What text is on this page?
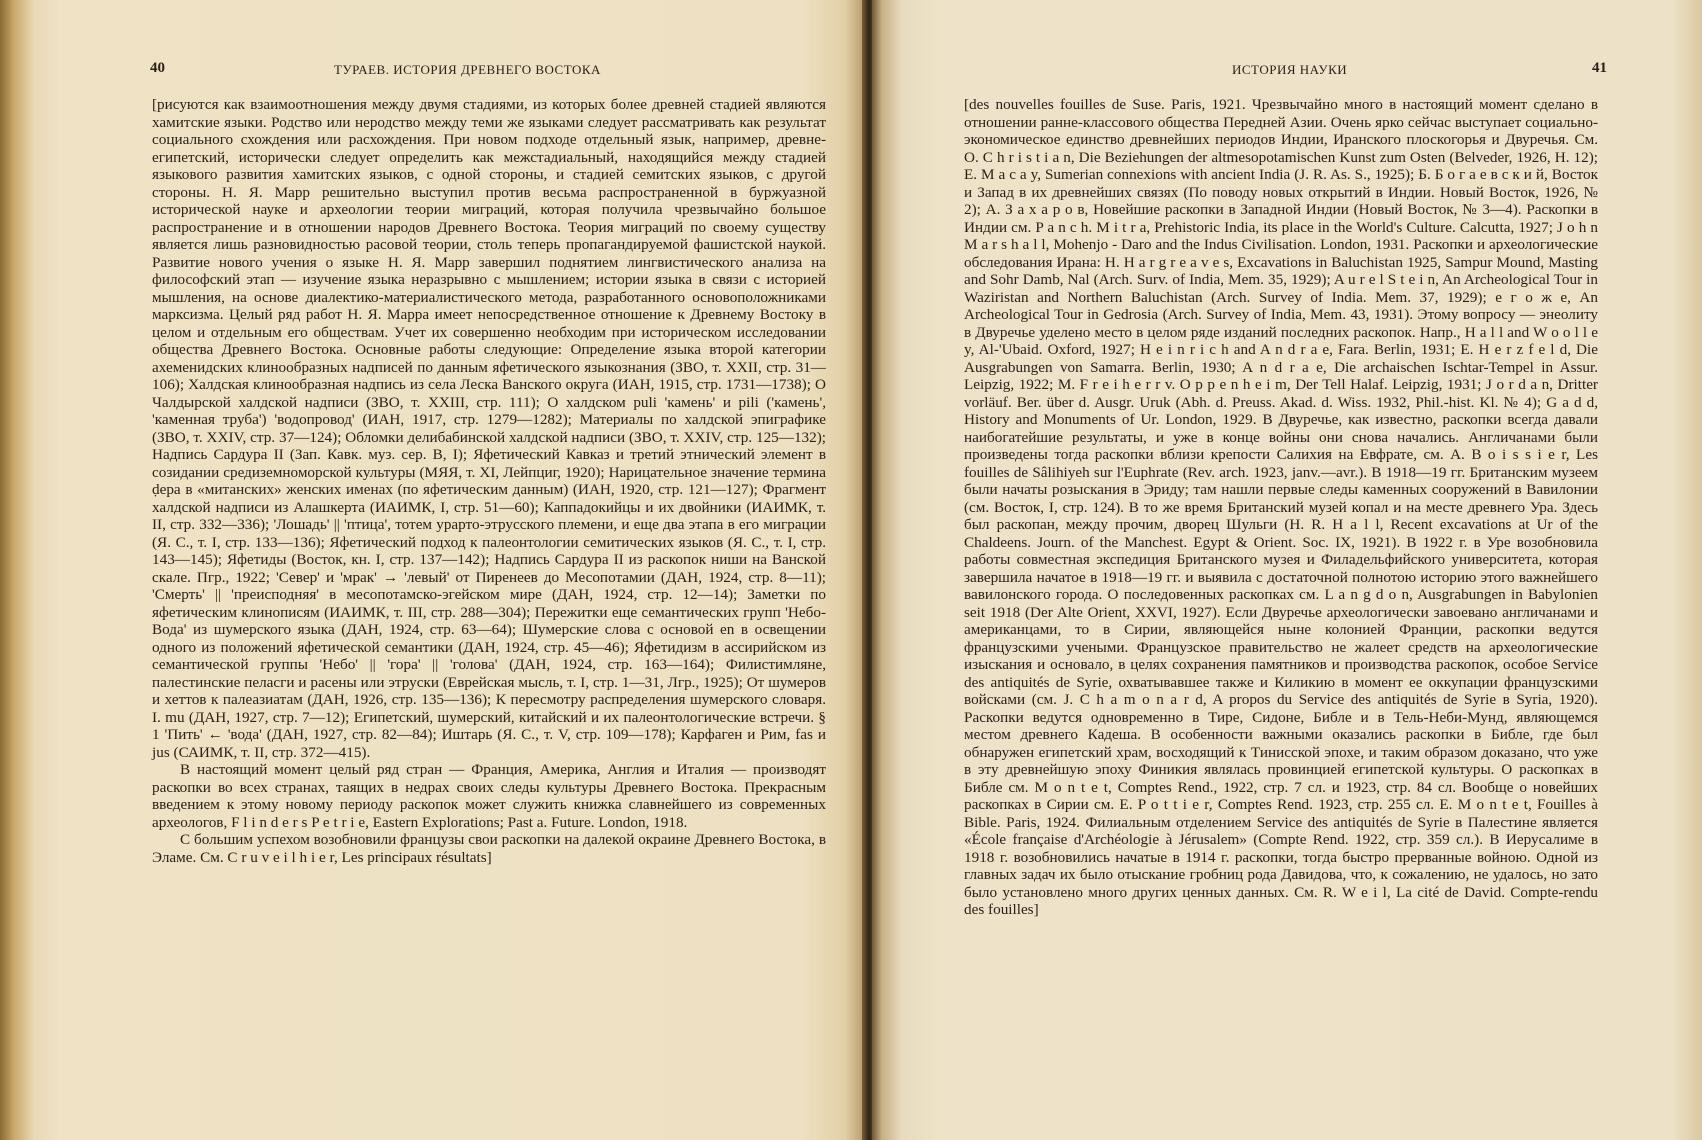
40	ТУРАЕВ. ИСТОРИЯ ДРЕВНЕГО ВОСТОКА

[рисуются как взаимоотношения между двумя стадиями, из которых более древней стадией являются хамитские языки. Родство или неродство между теми же языками следует рассматривать как результат социального схождения или расхождения. При новом подходе отдельный язык, например, древне-египетский, исторически следует определить как межстадиальный, находящийся между стадией языкового развития хамитских языков, с одной стороны, и стадией семитских языков, с другой стороны. Н. Я. Марр решительно выступил против весьма распространенной в буржуазной исторической науке и археологии теории миграций, которая получила чрезвычайно большое распространение и в отношении народов Древнего Востока. Теория миграций по своему существу является лишь разновидностью расовой теории, столь теперь пропагандируемой фашистской наукой. Развитие нового учения о языке Н. Я. Марр завершил поднятием лингвистического анализа на философский этап — изучение языка неразрывно с мышлением; истории языка в связи с историей мышления, на основе диалектико-материалистического метода, разработанного основоположниками марксизма. Целый ряд работ Н. Я. Марра имеет непосредственное отношение к Древнему Востоку в целом и отдельным его обществам. Учет их совершенно необходим при историческом исследовании общества Древнего Востока. Основные работы следующие: Определение языка второй категории ахеменидских клинообразных надписей по данным яфетического языкознания (ЗВО, т. XXII, стр. 31—106); Халдская клинообразная надпись из села Леска Ванского округа (ИАН, 1915, стр. 1731—1738); О Чалдырской халдской надписи (ЗВО, т. XXIII, стр. 111); О халдском puli 'камень' и pili ('камень', 'каменная труба') 'водопровод' (ИАН, 1917, стр. 1279—1282); Материалы по халдской эпиграфике (ЗВО, т. XXIV, стр. 37—124); Обломки делибабинской халдской надписи (ЗВО, т. XXIV, стр. 125—132); Надпись Сардура II (Зап. Кавк. муз. сер. В, I); Яфетический Кавказ и третий этнический элемент в созидании средиземноморской культуры (МЯЯ, т. XI, Лейпциг, 1920); Нарицательное значение термина ḍера в «митанских» женских именах (по яфетическим данным) (ИАН, 1920, стр. 121—127); Фрагмент халдской надписи из Алашкерта (ИАИМК, I, стр. 51—60); Каппадокийцы и их двойники (ИАИМК, т. II, стр. 332—336); 'Лошадь' || 'птица', тотем урарто-этрусского племени, и еще два этапа в его миграции (Я. С., т. I, стр. 133—136); Яфетический подход к палеонтологии семитических языков (Я. С., т. I, стр. 143—145); Яфетиды (Восток, кн. I, стр. 137—142); Надпись Сардура II из раскопок ниши на Ванской скале. Пгр., 1922; 'Север' и 'мрак' → 'левый' от Пиренеев до Месопотамии (ДАН, 1924, стр. 8—11); 'Смерть' || 'преисподняя' в месопотамско-эгейском мире (ДАН, 1924, стр. 12—14); Заметки по яфетическим клинописям (ИАИМК, т. III, стр. 288—304); Пережитки еще семантических групп 'Небо-Вода' из шумерского языка (ДАН, 1924, стр. 63—64); Шумерские слова с основой en в освещении одного из положений яфетической семантики (ДАН, 1924, стр. 45—46); Яфетидизм в ассирийском из семантической группы 'Небо' || 'гора' || 'голова' (ДАН, 1924, стр. 163—164); Филистимляне, палестинские пеласги и расены или этруски (Еврейская мысль, т. I, стр. 1—31, Лгр., 1925); От шумеров и хеттов к палеазиатам (ДАН, 1926, стр. 135—136); К пересмотру распределения шумерского словаря. I. mu (ДАН, 1927, стр. 7—12); Египетский, шумерский, китайский и их палеонтологические встречи. § 1 'Пить' ← 'вода' (ДАН, 1927, стр. 82—84); Иштарь (Я. С., т. V, стр. 109—178); Карфаген и Рим, fas и jus (САИМК, т. II, стр. 372—415).

В настоящий момент целый ряд стран — Франция, Америка, Англия и Италия — производят раскопки во всех странах, таящих в недрах своих следы культуры Древнего Востока. Прекрасным введением к этому новому периоду раскопок может служить книжка славнейшего из современных археологов, F l i n d e r s P e t r i e, Eastern Explorations; Past a. Future. London, 1918.

С большим успехом возобновили французы свои раскопки на далекой окраине Древнего Востока, в Эламе. См. C r u v e i l h i e r, Les principaux résultats]

ИСТОРИЯ НАУКИ	41

[des nouvelles fouilles de Suse. Paris, 1921. Чрезвычайно много в настоящий момент сделано в отношении ранне-классового общества Передней Азии. Очень ярко сейчас выступает социально-экономическое единство древнейших периодов Индии, Иранского плоскогорья и Двуречья. См. O. C h r i s t i a n, Die Beziehungen der altmesopotamischen Kunst zum Osten (Belveder, 1926, H. 12); E. M a c a y, Sumerian connexions with ancient India (J. R. As. S., 1925); Б. Б о г а е в с к и й, Восток и Запад в их древнейших связях (По поводу новых открытий в Индии. Новый Восток, 1926, № 2); А. З а х а р о в, Новейшие раскопки в Западной Индии (Новый Восток, № 3—4). Раскопки в Индии см. P a n c h. M i t r a, Prehistoric India, its place in the World's Culture. Calcutta, 1927; J o h n M a r s h a l l, Mohenjo - Daro and the Indus Civilisation. London, 1931. Раскопки и археологические обследования Ирана: H. H a r g r e a v e s, Excavations in Baluchistan 1925, Sampur Mound, Masting and Sohr Damb, Nal (Arch. Surv. of India, Mem. 35, 1929); A u r e l S t e i n, An Archeological Tour in Waziristan and Northern Baluchistan (Arch. Survey of India. Mem. 37, 1929); е г о ж е, An Archeological Tour in Gedrosia (Arch. Survey of India, Mem. 43, 1931). Этому вопросу — энеолиту в Двуречье уделено место в целом ряде изданий последних раскопок. Напр., H a l l and W o o l l e y, Al-'Ubaid. Oxford, 1927; H e i n r i c h and A n d r a e, Fara. Berlin, 1931; E. H e r z f e l d, Die Ausgrabungen von Samarra. Berlin, 1930; A n d r a e, Die archaischen Ischtar-Tempel in Assur. Leipzig, 1922; M. F r e i h e r r v. O p p e n h e i m, Der Tell Halaf. Leipzig, 1931; J o r d a n, Dritter vorläuf. Ber. über d. Ausgr. Uruk (Abh. d. Preuss. Akad. d. Wiss. 1932, Phil.-hist. Kl. № 4); G a d d, History and Monuments of Ur. London, 1929. В Двуречье, как известно, раскопки всегда давали наибогатейшие результаты, и уже в конце войны они снова начались. Англичанами были произведены тогда раскопки вблизи крепости Салихия на Евфрате, см. A. B o i s s i e r, Les fouilles de Sâlihiyeh sur l'Euphrate (Rev. arch. 1923, janv.—avr.). В 1918—19 гг. Британским музеем были начаты розыскания в Эриду; там нашли первые следы каменных сооружений в Вавилонии (см. Восток, I, стр. 124). В то же время Британский музей копал и на месте древнего Ура. Здесь был раскопан, между прочим, дворец Шульги (H. R. H a l l, Recent excavations at Ur of the Chaldeens. Journ. of the Manchest. Egypt & Orient. Soc. IX, 1921). В 1922 г. в Уре возобновила работы совместная экспедиция Британского музея и Филадельфийского университета, которая завершила начатое в 1918—19 гг. и выявила с достаточной полнотою историю этого важнейшего вавилонского города. О последовенных раскопках см. L a n g d o n, Ausgrabungen in Babylonien seit 1918 (Der Alte Orient, XXVI, 1927). Если Двуречье археологически завоевано англичанами и американцами, то в Сирии, являющейся ныне колонией Франции, раскопки ведутся французскими учеными. Французское правительство не жалеет средств на археологические изыскания и основало, в целях сохранения памятников и производства раскопок, особое Service des antiquités de Syrie, охватывавшее также и Киликию в момент ее оккупации французскими войсками (см. J. C h a m o n a r d, A propos du Service des antiquités de Syrie в Syria, 1920). Раскопки ведутся одновременно в Тире, Сидоне, Библе и в Тель-Неби-Мунд, являющемся местом древнего Кадеша. В особенности важными оказались раскопки в Библе, где был обнаружен египетский храм, восходящий к Тинисской эпохе, и таким образом доказано, что уже в эту древнейшую эпоху Финикия являлась провинцией египетской культуры. О раскопках в Библе см. M o n t e t, Comptes Rend., 1922, стр. 7 сл. и 1923, стр. 84 сл. Вообще о новейших раскопках в Сирии см. E. P o t t i e r, Comptes Rend. 1923, стр. 255 сл. E. M o n t e t, Fouilles à Bible. Paris, 1924. Филиальным отделением Service des antiquités de Syrie в Палестине является «École française d'Archéologie à Jérusalem» (Compte Rend. 1922, стр. 359 сл.). В Иерусалиме в 1918 г. возобновились начатые в 1914 г. раскопки, тогда быстро прерванные войною. Одной из главных задач их было отыскание гробниц рода Давидова, что, к сожалению, не удалось, но зато было установлено много других ценных данных. См. R. W e i l, La cité de David. Compte-rendu des fouilles]
